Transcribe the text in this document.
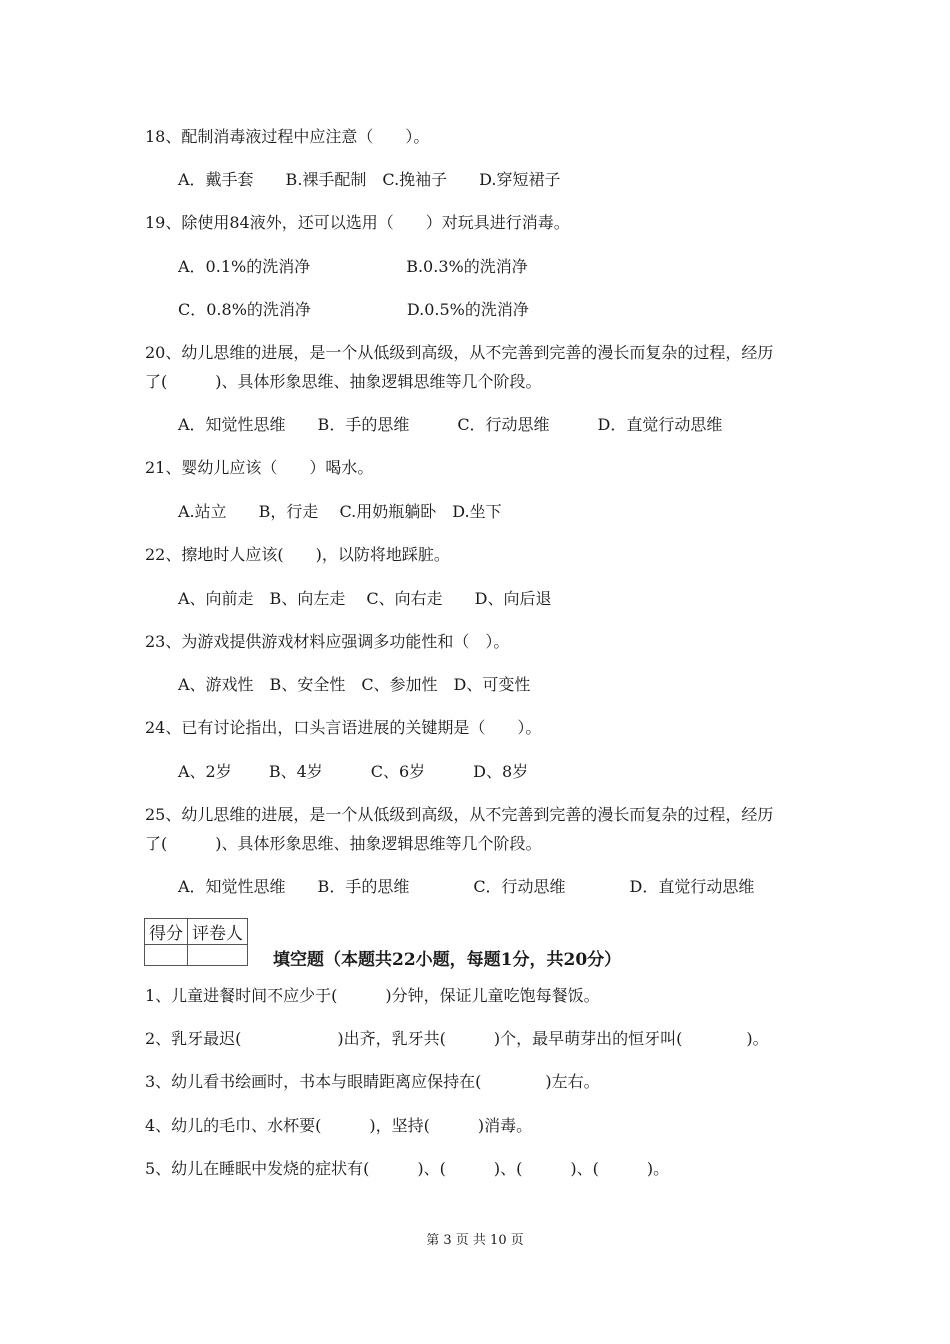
18、配制消毒液过程中应注意（　　）。
A．戴手套　　B.裸手配制　C.挽袖子　　D.穿短裙子
19、除使用84液外，还可以选用（　　）对玩具进行消毒。
A．0.1%的洗消净　　　　　　B.0.3%的洗消净
C．0.8%的洗消净　　　　　　D.0.5%的洗消净
20、幼儿思维的进展，是一个从低级到高级，从不完善到完善的漫长而复杂的过程，经历
了(　　　)、具体形象思维、抽象逻辑思维等几个阶段。
A．知觉性思维　　B．手的思维　　　C．行动思维　　　D．直觉行动思维
21、婴幼儿应该（　　）喝水。
A.站立　　B，行走　 C.用奶瓶躺卧　D.坐下
22、擦地时人应该(　　)，以防将地踩脏。
A、向前走　B、向左走　 C、向右走　　D、向后退
23、为游戏提供游戏材料应强调多功能性和（　）。
A、游戏性　B、安全性　C、参加性　D、可变性
24、已有讨论指出，口头言语进展的关键期是（　　）。
A、2岁　　 B、4岁　　　C、6岁　　　D、8岁
25、幼儿思维的进展，是一个从低级到高级，从不完善到完善的漫长而复杂的过程，经历
了(　　　)、具体形象思维、抽象逻辑思维等几个阶段。
A．知觉性思维　　B．手的思维　　　　C．行动思维　　　　D．直觉行动思维
得分	评卷人

填空题（本题共22小题，每题1分，共20分）
1、儿童进餐时间不应少于(　　　)分钟，保证儿童吃饱每餐饭。
2、乳牙最迟(　　　　　　)出齐，乳牙共(　　　)个，最早萌芽出的恒牙叫(　　　　)。
3、幼儿看书绘画时，书本与眼睛距离应保持在(　　　　)左右。
4、幼儿的毛巾、水杯要(　　　)，坚持(　　　)消毒。
5、幼儿在睡眠中发烧的症状有(　　　)、(　　　)、(　　　)、(　　　)。
第 3 页 共 10 页
